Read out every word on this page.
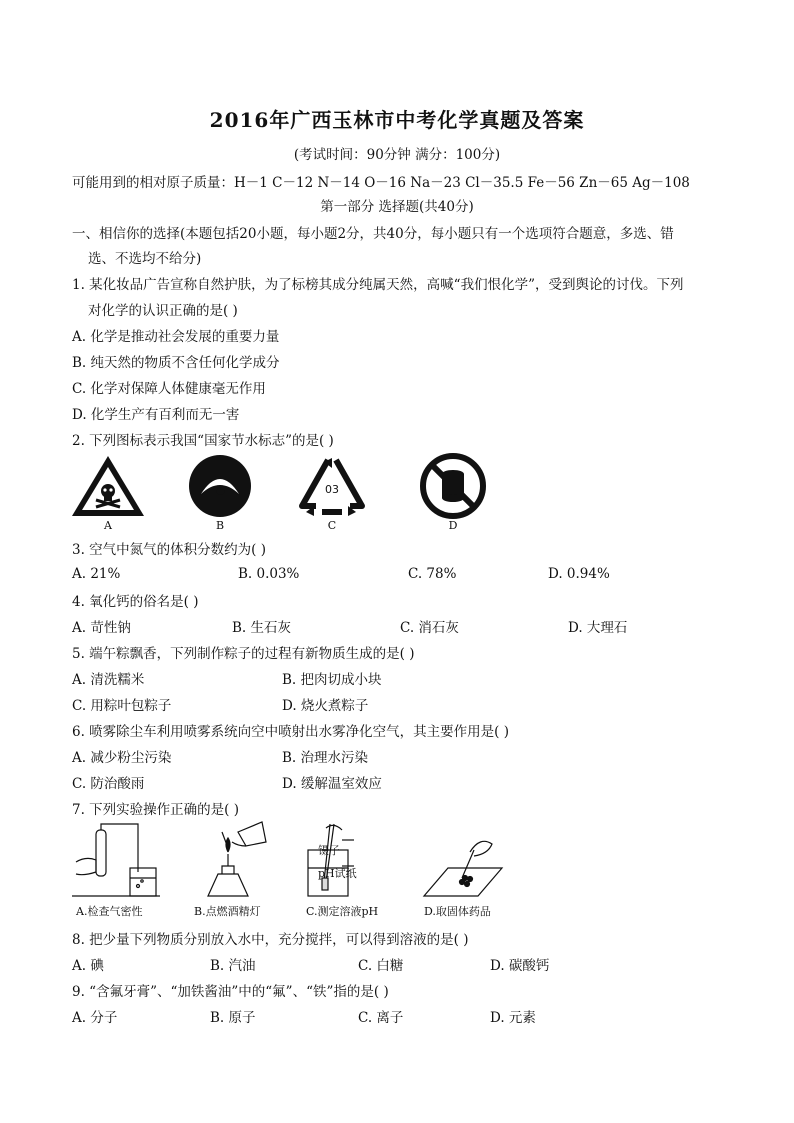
2016年广西玉林市中考化学真题及答案
(考试时间：90分钟 满分：100分)
可能用到的相对原子质量：H－1 C－12 N－14 O－16 Na－23 Cl－35.5 Fe－56 Zn－65 Ag－108
第一部分 选择题(共40分)
一、相信你的选择(本题包括20小题，每小题2分，共40分，每小题只有一个选项符合题意，多选、错
选、不选均不给分)
1. 某化妆品广告宣称自然护肤，为了标榜其成分纯属天然，高喊“我们恨化学”，受到舆论的讨伐。下列
对化学的认识正确的是( )
A. 化学是推动社会发展的重要力量
B. 纯天然的物质不含任何化学成分
C. 化学对保障人体健康毫无作用
D. 化学生产有百利而无一害
2. 下列图标表示我国“国家节水标志”的是( )
03
A	B	C	D
3. 空气中氮气的体积分数约为( )
A. 21%	B. 0.03%	C. 78%	D. 0.94%
4. 氧化钙的俗名是( )
A. 苛性钠	B. 生石灰	C. 消石灰	D. 大理石
5. 端午粽飘香，下列制作粽子的过程有新物质生成的是( )
A. 清洗糯米	B. 把肉切成小块
C. 用粽叶包粽子	D. 烧火煮粽子
6. 喷雾除尘车利用喷雾系统向空中喷射出水雾净化空气，其主要作用是( )
A. 减少粉尘污染	B. 治理水污染
C. 防治酸雨	D. 缓解温室效应
7. 下列实验操作正确的是( )
镊子
pH试纸
A.检查气密性	B.点燃酒精灯	C.测定溶液pH	D.取固体药品
8. 把少量下列物质分别放入水中，充分搅拌，可以得到溶液的是( )
A. 碘	B. 汽油	C. 白糖	D. 碳酸钙
9. “含氟牙膏”、“加铁酱油”中的“氟”、“铁”指的是( )
A. 分子	B. 原子	C. 离子	D. 元素
